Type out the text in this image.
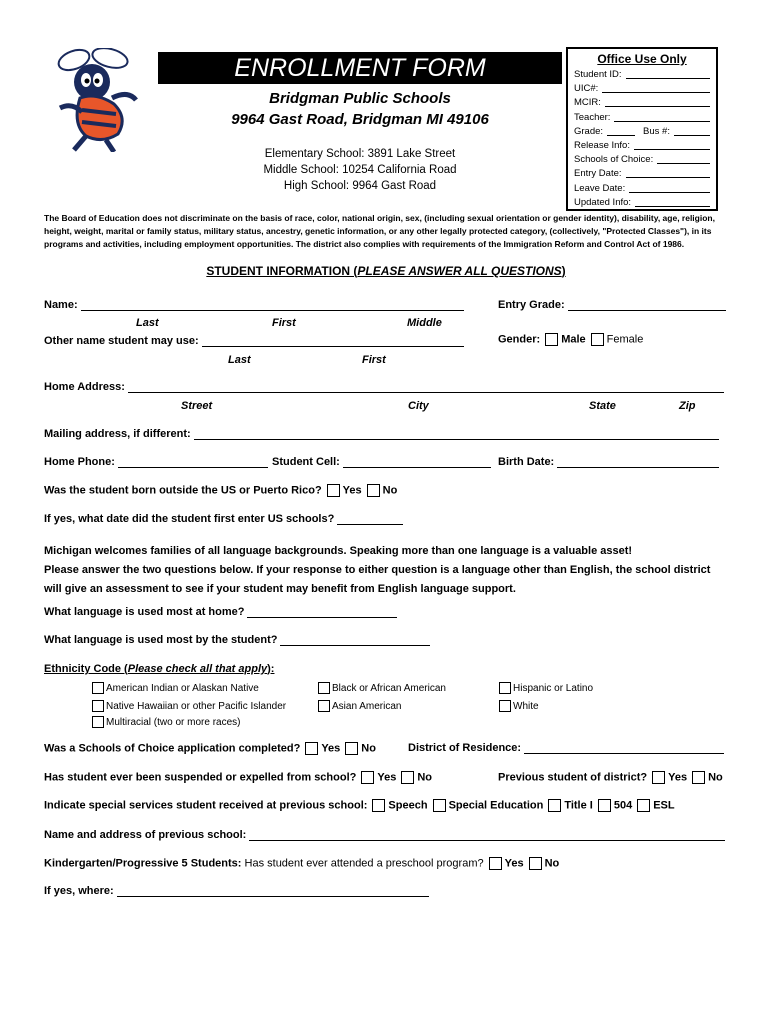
ENROLLMENT FORM
Bridgman Public Schools
9964 Gast Road, Bridgman MI 49106
Elementary School: 3891 Lake Street
Middle School: 10254 California Road
High School: 9964 Gast Road
Office Use Only
Student ID:
UIC#:
MCIR:
Teacher:
Grade:	Bus #:
Release Info:
Schools of Choice:
Entry Date:
Leave Date:
Updated Info:
The Board of Education does not discriminate on the basis of race, color, national origin, sex, (including sexual orientation or gender identity), disability, age, religion, height, weight, marital or family status, military status, ancestry, genetic information, or any other legally protected category, (collectively, "Protected Classes"), in its programs and activities, including employment opportunities. The district also complies with requirements of the Immigration Reform and Control Act of 1986.
STUDENT INFORMATION (PLEASE ANSWER ALL QUESTIONS)
Name:	Entry Grade:
Last	First	Middle
Other name student may use:	Gender: Male Female
Last	First
Home Address:
Street	City	State	Zip
Mailing address, if different:
Home Phone:	Student Cell:	Birth Date:
Was the student born outside the US or Puerto Rico? Yes No
If yes, what date did the student first enter US schools?
Michigan welcomes families of all language backgrounds. Speaking more than one language is a valuable asset!
Please answer the two questions below. If your response to either question is a language other than English, the school district
will give an assessment to see if your student may benefit from English language support.
What language is used most at home?
What language is used most by the student?
Ethnicity Code (Please check all that apply):
American Indian or Alaskan Native	Black or African American	Hispanic or Latino
Native Hawaiian or other Pacific Islander	Asian American	White
Multiracial (two or more races)
Was a Schools of Choice application completed? Yes No	District of Residence:
Has student ever been suspended or expelled from school? Yes No	Previous student of district? Yes No
Indicate special services student received at previous school: Speech Special Education Title I 504 ESL
Name and address of previous school:
Kindergarten/Progressive 5 Students: Has student ever attended a preschool program? Yes No
If yes, where:
